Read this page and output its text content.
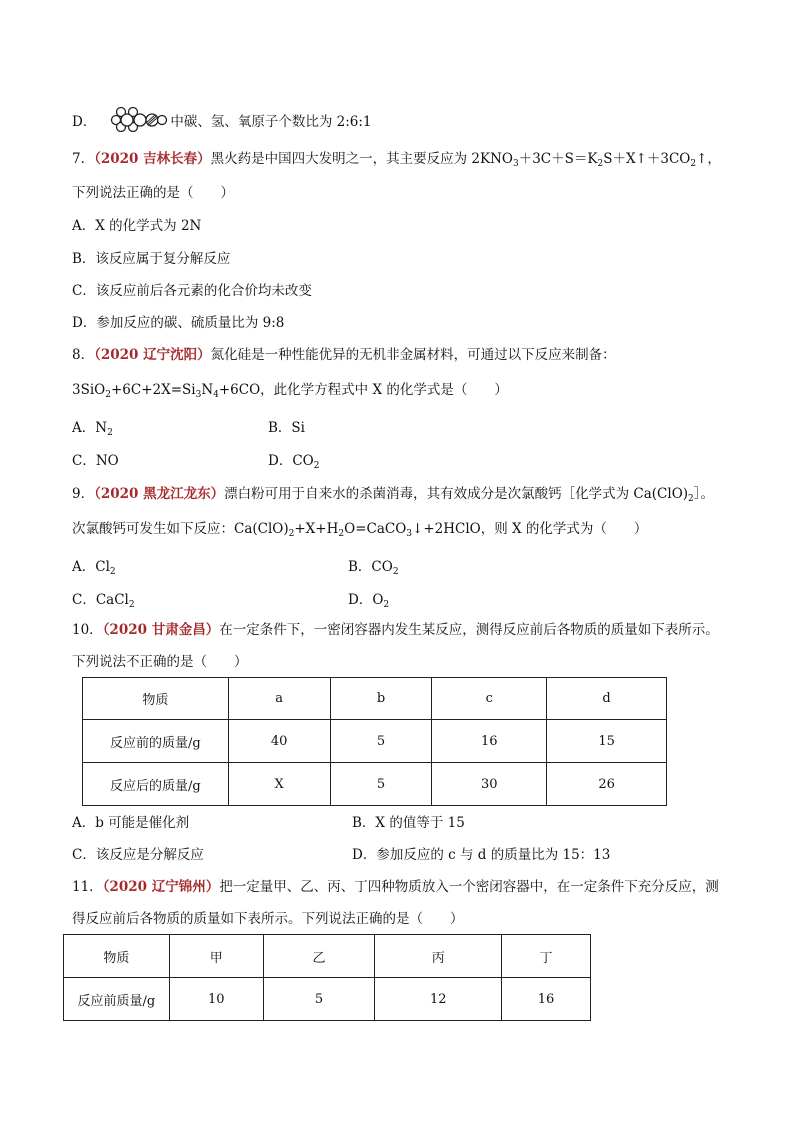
D．	中碳、氢、氧原子个数比为 2:6:1
7．（2020 吉林长春）黑火药是中国四大发明之一，其主要反应为 $2KNO_3+3C+S=K_2S+X↑+3CO_2↑$，
下列说法正确的是（　　）
A．X 的化学式为 2N
B．该反应属于复分解反应
C．该反应前后各元素的化合价均未改变
D．参加反应的碳、硫质量比为 9:8
8．（2020 辽宁沈阳）氮化硅是一种性能优异的无机非金属材料，可通过以下反应来制备：
$3SiO_2+6C+2X=Si_3N_4+6CO$，此化学方程式中 X 的化学式是（　　）
A．$N_2$	B．Si
C．NO	D．$CO_2$
9．（2020 黑龙江龙东）漂白粉可用于自来水的杀菌消毒，其有效成分是次氯酸钙［化学式为 $Ca(ClO)_2]$。
次氯酸钙可发生如下反应：$Ca(ClO)_2+X+H_2O=CaCO_3↓+2HClO$，则 X 的化学式为（　　）
A．$Cl_2$	B．$CO_2$
C．CaCl$_2$	D．$O_2$
10．（2020 甘肃金昌）在一定条件下，一密闭容器内发生某反应，测得反应前后各物质的质量如下表所示。
下列说法不正确的是（　　）
物质	a	b	c	d
反应前的质量/g	40	5	16	15
反应后的质量/g	X	5	30	26
A．b 可能是催化剂	B．X 的值等于 15
C．该反应是分解反应	D．参加反应的 c 与 d 的质量比为 15：13
11．（2020 辽宁锦州）把一定量甲、乙、丙、丁四种物质放入一个密闭容器中，在一定条件下充分反应，测
得反应前后各物质的质量如下表所示。下列说法正确的是（　　）
物质	甲	乙	丙	丁
反应前质量/g	10	5	12	16
